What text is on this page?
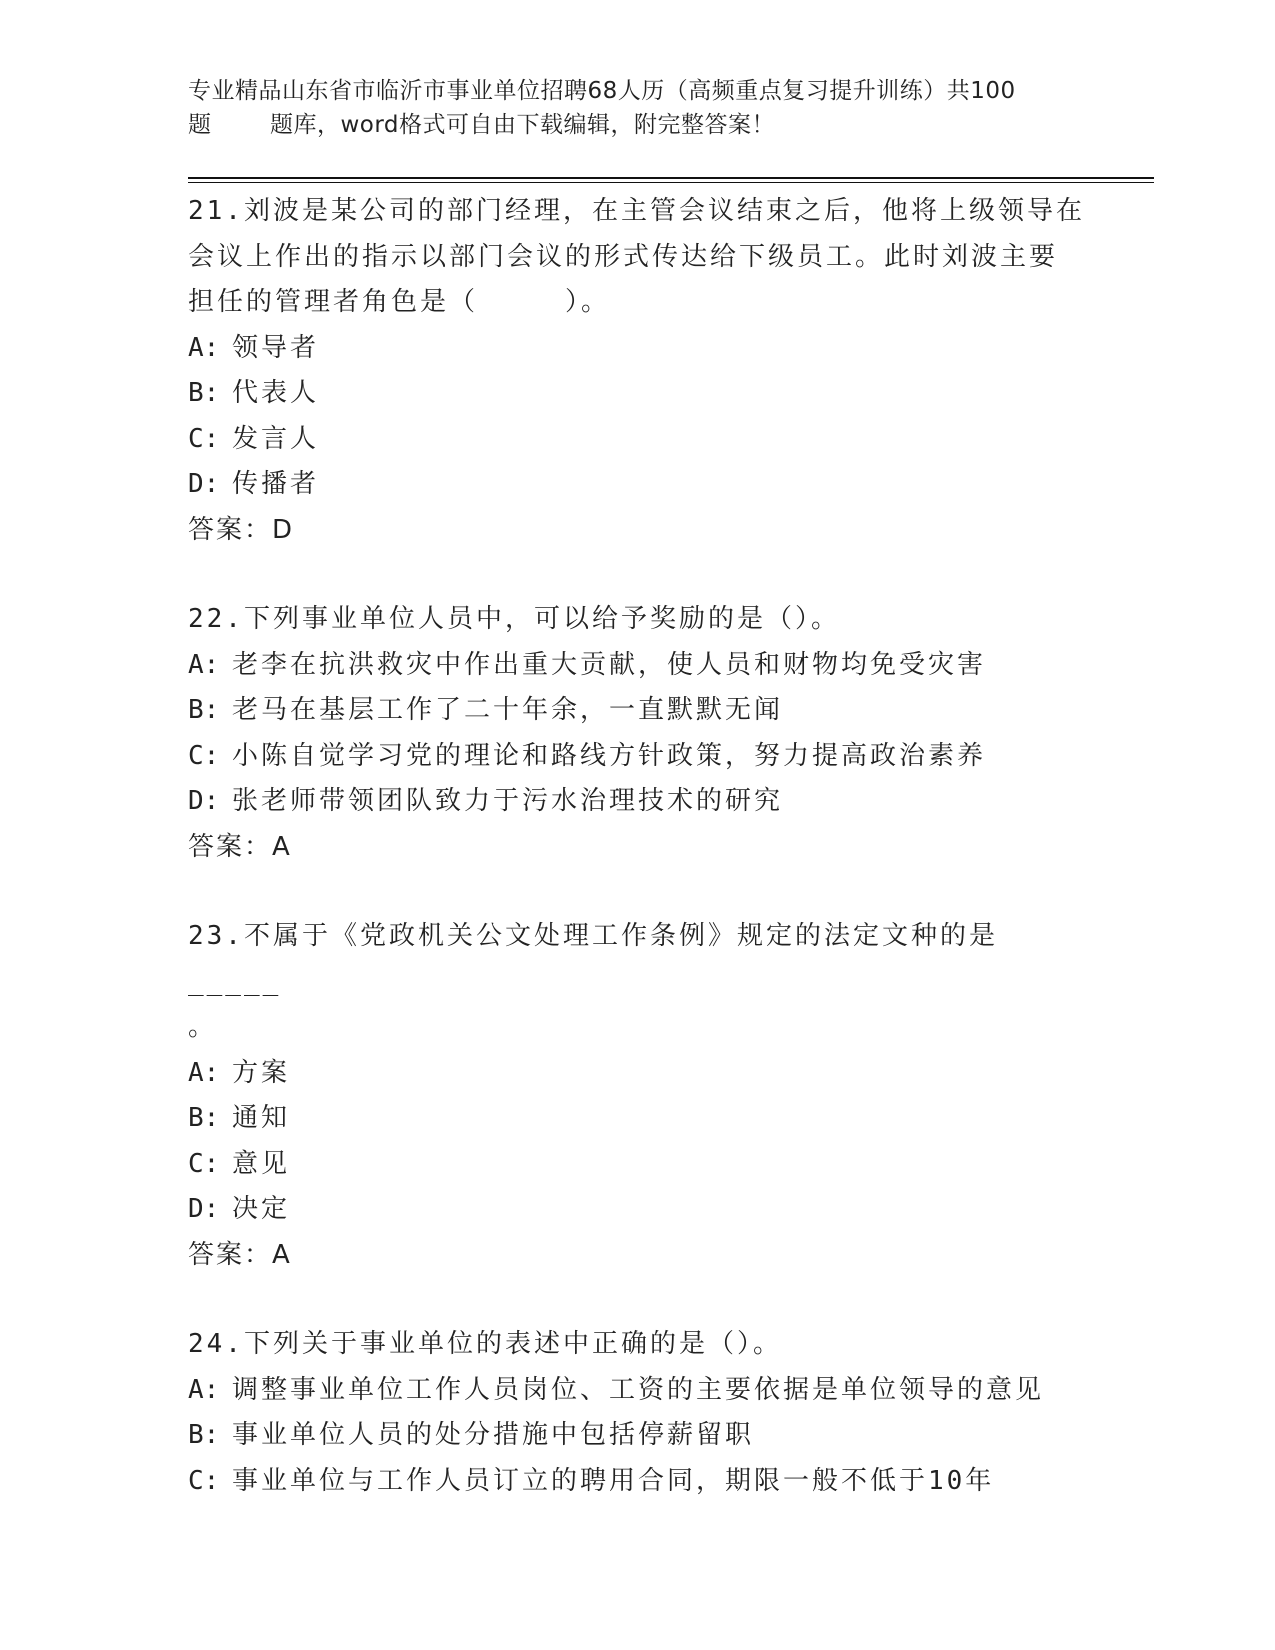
专业精品山东省市临沂市事业单位招聘68人历（高频重点复习提升训练）共100
题	题库，word格式可自由下载编辑，附完整答案！
21.刘波是某公司的部门经理，在主管会议结束之后，他将上级领导在
会议上作出的指示以部门会议的形式传达给下级员工。此时刘波主要
担任的管理者角色是（　　　）。
A: 领导者
B: 代表人
C: 发言人
D: 传播者
答案：D
22.下列事业单位人员中，可以给予奖励的是（）。
A: 老李在抗洪救灾中作出重大贡献，使人员和财物均免受灾害
B: 老马在基层工作了二十年余，一直默默无闻
C: 小陈自觉学习党的理论和路线方针政策，努力提高政治素养
D: 张老师带领团队致力于污水治理技术的研究
答案：A
23.不属于《党政机关公文处理工作条例》规定的法定文种的是_____
。
A: 方案
B: 通知
C: 意见
D: 决定
答案：A
24.下列关于事业单位的表述中正确的是（）。
A: 调整事业单位工作人员岗位、工资的主要依据是单位领导的意见
B: 事业单位人员的处分措施中包括停薪留职
C: 事业单位与工作人员订立的聘用合同，期限一般不低于10年
